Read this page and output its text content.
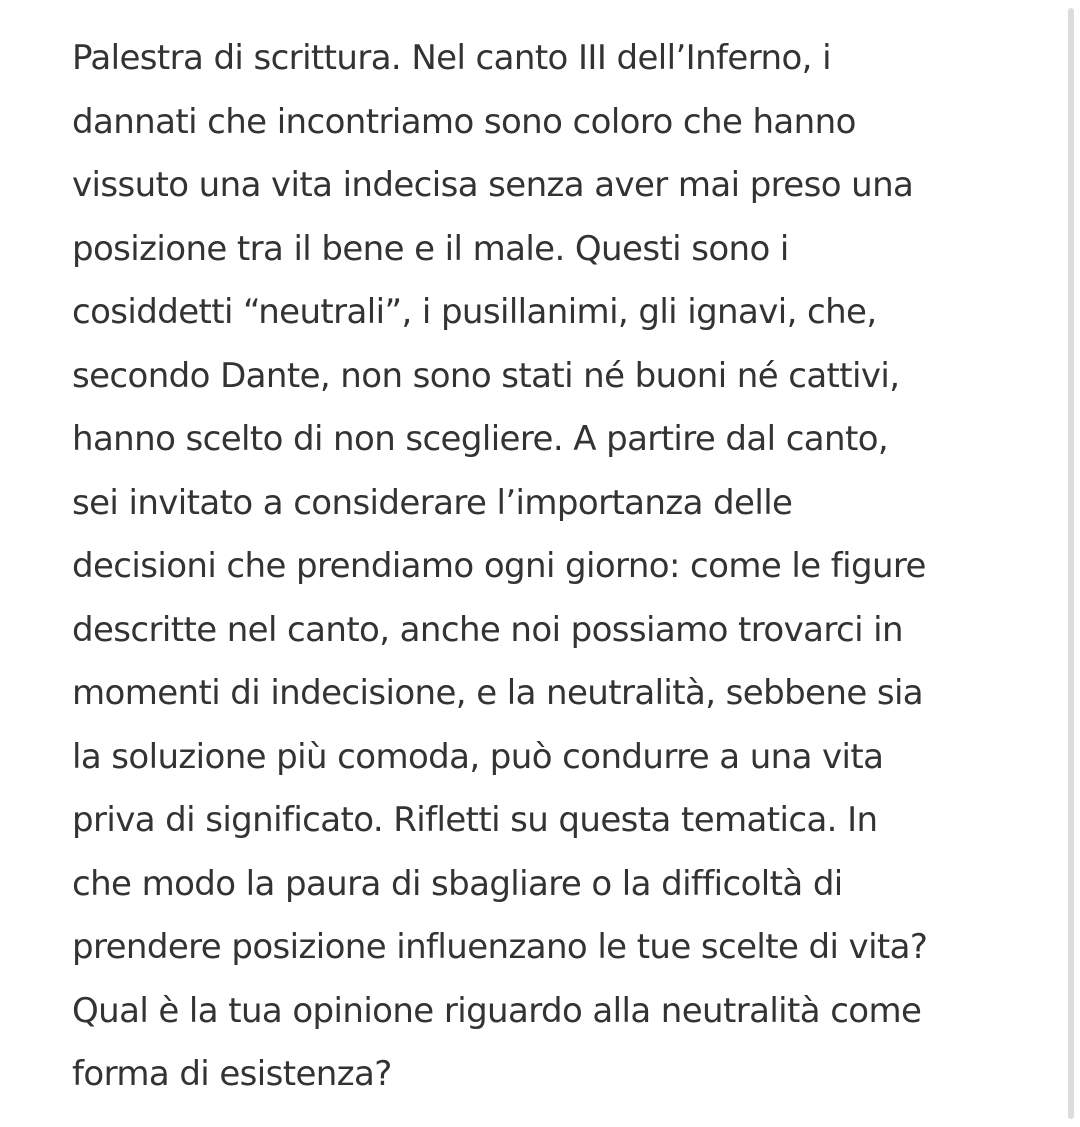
Palestra di scrittura. Nel canto III dell’Inferno, i
dannati che incontriamo sono coloro che hanno
vissuto una vita indecisa senza aver mai preso una
posizione tra il bene e il male. Questi sono i
cosiddetti “neutrali”, i pusillanimi, gli ignavi, che,
secondo Dante, non sono stati né buoni né cattivi,
hanno scelto di non scegliere. A partire dal canto,
sei invitato a considerare l’importanza delle
decisioni che prendiamo ogni giorno: come le figure
descritte nel canto, anche noi possiamo trovarci in
momenti di indecisione, e la neutralità, sebbene sia
la soluzione più comoda, può condurre a una vita
priva di significato. Rifletti su questa tematica. In
che modo la paura di sbagliare o la difficoltà di
prendere posizione influenzano le tue scelte di vita?
Qual è la tua opinione riguardo alla neutralità come
forma di esistenza?
